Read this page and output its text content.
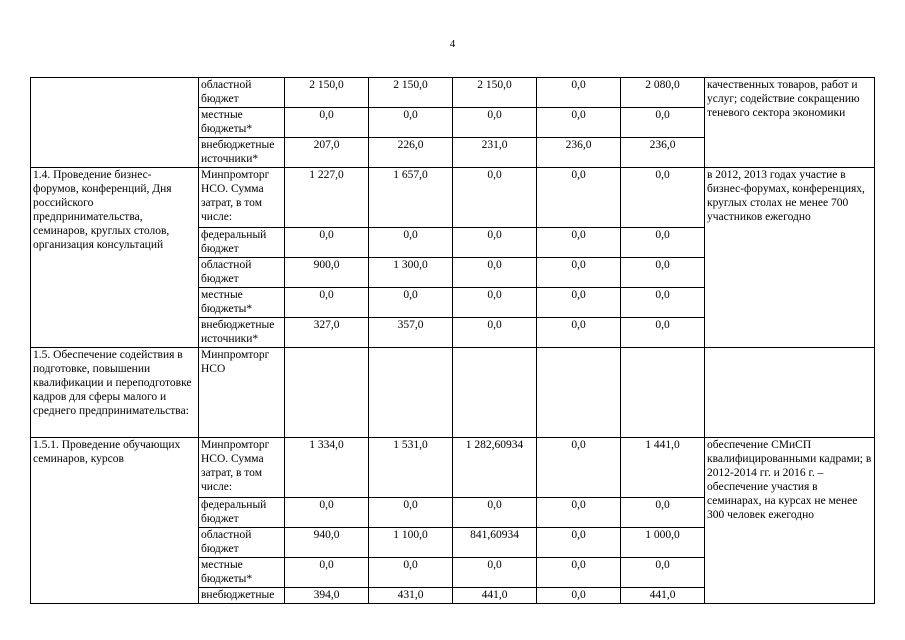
4
	областной бюджет	2 150,0	2 150,0	2 150,0	0,0	2 080,0	качественных товаров, работ и услуг; содействие сокращению теневого сектора экономики
	местные бюджеты*	0,0	0,0	0,0	0,0	0,0	
	внебюджетные источники*	207,0	226,0	231,0	236,0	236,0	
1.4. Проведение бизнес-форумов, конференций, Дня российского предпринимательства, семинаров, круглых столов, организация консультаций	Минпромторг НСО. Сумма затрат, в том числе:	1 227,0	1 657,0	0,0	0,0	0,0	в 2012, 2013 годах участие в бизнес-форумах, конференциях, круглых столах не менее 700 участников ежегодно
	федеральный бюджет	0,0	0,0	0,0	0,0	0,0	
	областной бюджет	900,0	1 300,0	0,0	0,0	0,0	
	местные бюджеты*	0,0	0,0	0,0	0,0	0,0	
	внебюджетные источники*	327,0	357,0	0,0	0,0	0,0	
1.5. Обеспечение содействия в подготовке, повышении квалификации и переподготовке кадров для сферы малого и среднего предпринимательства:	Минпромторг НСО						
1.5.1. Проведение обучающих семинаров, курсов	Минпромторг НСО. Сумма затрат, в том числе:	1 334,0	1 531,0	1 282,60934	0,0	1 441,0	обеспечение СМиСП квалифицированными кадрами; в 2012-2014 гг. и 2016 г. – обеспечение участия в семинарах, на курсах не менее 300 человек ежегодно
	федеральный бюджет	0,0	0,0	0,0	0,0	0,0	
	областной бюджет	940,0	1 100,0	841,60934	0,0	1 000,0	
	местные бюджеты*	0,0	0,0	0,0	0,0	0,0	
	внебюджетные	394,0	431,0	441,0	0,0	441,0	
